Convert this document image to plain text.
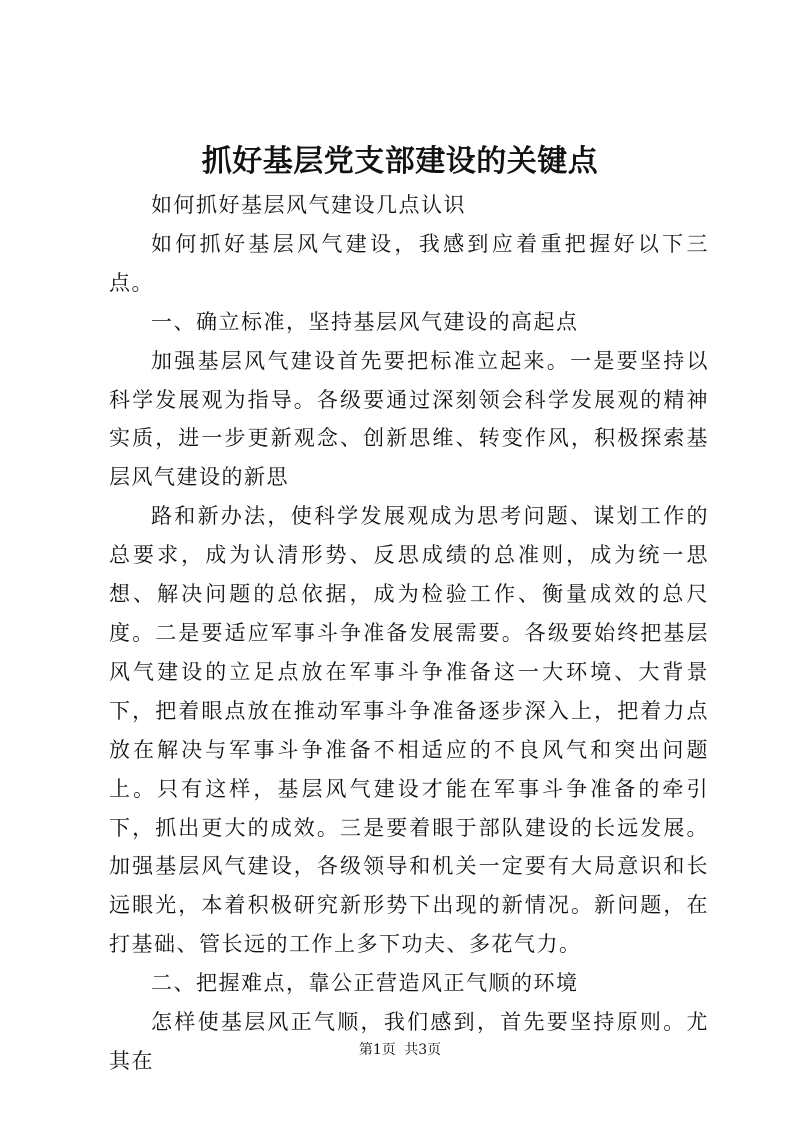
抓好基层党支部建设的关键点

如何抓好基层风气建设几点认识

如何抓好基层风气建设，我感到应着重把握好以下三点。

一、确立标准，坚持基层风气建设的高起点

加强基层风气建设首先要把标准立起来。一是要坚持以科学发展观为指导。各级要通过深刻领会科学发展观的精神实质，进一步更新观念、创新思维、转变作风，积极探索基层风气建设的新思

路和新办法，使科学发展观成为思考问题、谋划工作的总要求，成为认清形势、反思成绩的总准则，成为统一思想、解决问题的总依据，成为检验工作、衡量成效的总尺度。二是要适应军事斗争准备发展需要。各级要始终把基层风气建设的立足点放在军事斗争准备这一大环境、大背景下，把着眼点放在推动军事斗争准备逐步深入上，把着力点放在解决与军事斗争准备不相适应的不良风气和突出问题上。只有这样，基层风气建设才能在军事斗争准备的牵引下，抓出更大的成效。三是要着眼于部队建设的长远发展。加强基层风气建设，各级领导和机关一定要有大局意识和长远眼光，本着积极研究新形势下出现的新情况。新问题，在打基础、管长远的工作上多下功夫、多花气力。

二、把握难点，靠公正营造风正气顺的环境

怎样使基层风正气顺，我们感到，首先要坚持原则。尤其在	第1页 共3页
